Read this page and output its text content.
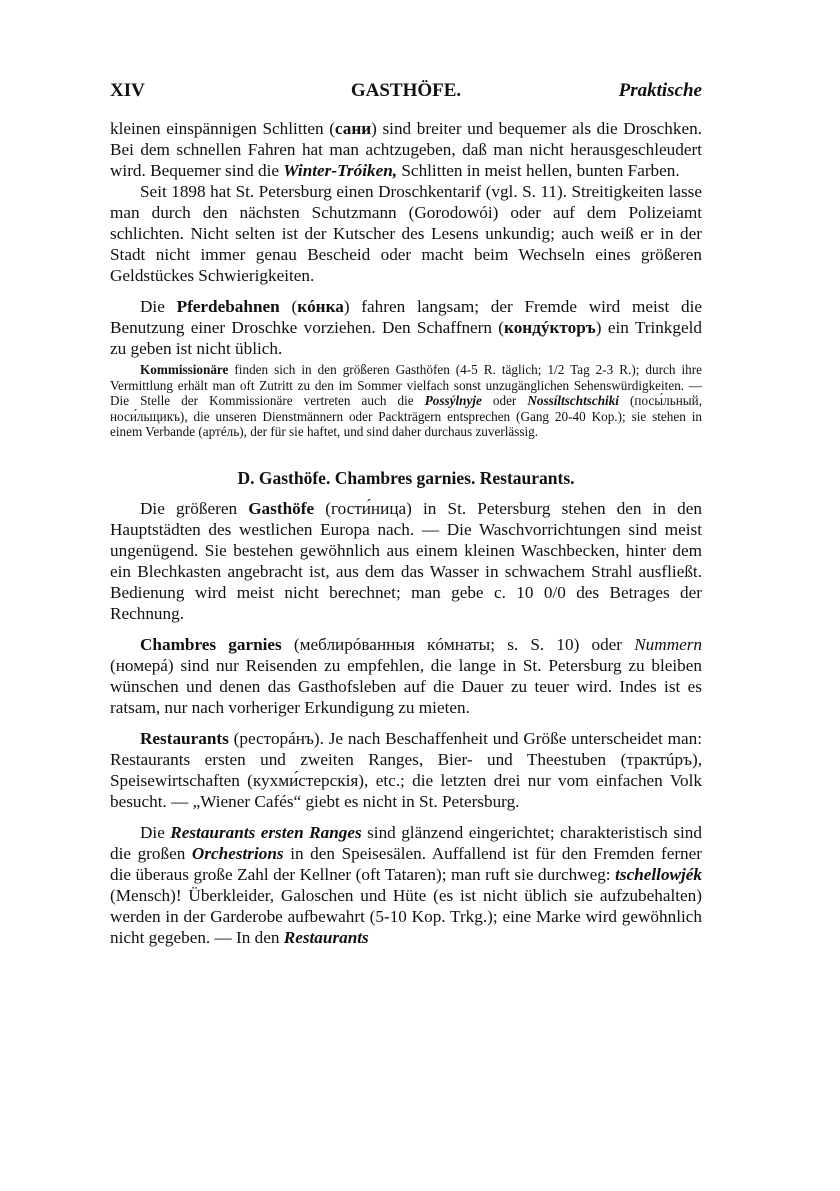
XIV	GASTHÖFE.	Praktische

kleinen einspännigen Schlitten (сани) sind breiter und bequemer als die Droschken. Bei dem schnellen Fahren hat man achtzugeben, daß man nicht herausgeschleudert wird. Bequemer sind die Winter-Tróiken, Schlitten in meist hellen, bunten Farben.

Seit 1898 hat St. Petersburg einen Droschkentarif (vgl. S. 11). Streitigkeiten lasse man durch den nächsten Schutzmann (Gorodowói) oder auf dem Polizeiamt schlichten. Nicht selten ist der Kutscher des Lesens unkundig; auch weiß er in der Stadt nicht immer genau Bescheid oder macht beim Wechseln eines größeren Geldstückes Schwierigkeiten.

Die Pferdebahnen (кóнка) fahren langsam; der Fremde wird meist die Benutzung einer Droschke vorziehen. Den Schaffnern (кондýкторъ) ein Trinkgeld zu geben ist nicht üblich.

Kommissionäre finden sich in den größeren Gasthöfen (4-5 R. täglich; 1/2 Tag 2-3 R.); durch ihre Vermittlung erhält man oft Zutritt zu den im Sommer vielfach sonst unzugänglichen Sehenswürdigkeiten. — Die Stelle der Kommissionäre vertreten auch die Possýlnyje oder Nossíltschtschiki (посы́льный, носи́льщикъ), die unseren Dienstmännern oder Packträgern entsprechen (Gang 20-40 Kop.); sie stehen in einem Verbande (артéль), der für sie haftet, und sind daher durchaus zuverlässig.

D. Gasthöfe. Chambres garnies. Restaurants.

Die größeren Gasthöfe (гости́ница) in St. Petersburg stehen den in den Hauptstädten des westlichen Europa nach. — Die Waschvorrichtungen sind meist ungenügend. Sie bestehen gewöhnlich aus einem kleinen Waschbecken, hinter dem ein Blechkasten angebracht ist, aus dem das Wasser in schwachem Strahl ausfließt. Bedienung wird meist nicht berechnet; man gebe c. 10 0/0 des Betrages der Rechnung.

Chambres garnies (меблирóванныя кóмнаты; s. S. 10) oder Nummern (номерá) sind nur Reisenden zu empfehlen, die lange in St. Petersburg zu bleiben wünschen und denen das Gasthofsleben auf die Dauer zu teuer wird. Indes ist es ratsam, nur nach vorheriger Erkundigung zu mieten.

Restaurants (ресторáнъ). Je nach Beschaffenheit und Größe unterscheidet man: Restaurants ersten und zweiten Ranges, Bier- und Theestuben (трактúръ), Speisewirtschaften (кухми́стерскія), etc.; die letzten drei nur vom einfachen Volk besucht. — „Wiener Cafés“ giebt es nicht in St. Petersburg.

Die Restaurants ersten Ranges sind glänzend eingerichtet; charakteristisch sind die großen Orchestrions in den Speisesälen. Auffallend ist für den Fremden ferner die überaus große Zahl der Kellner (oft Tataren); man ruft sie durchweg: tschellowjék (Mensch)! Überkleider, Galoschen und Hüte (es ist nicht üblich sie aufzubehalten) werden in der Garderobe aufbewahrt (5-10 Kop. Trkg.); eine Marke wird gewöhnlich nicht gegeben. — In den Restaurants
